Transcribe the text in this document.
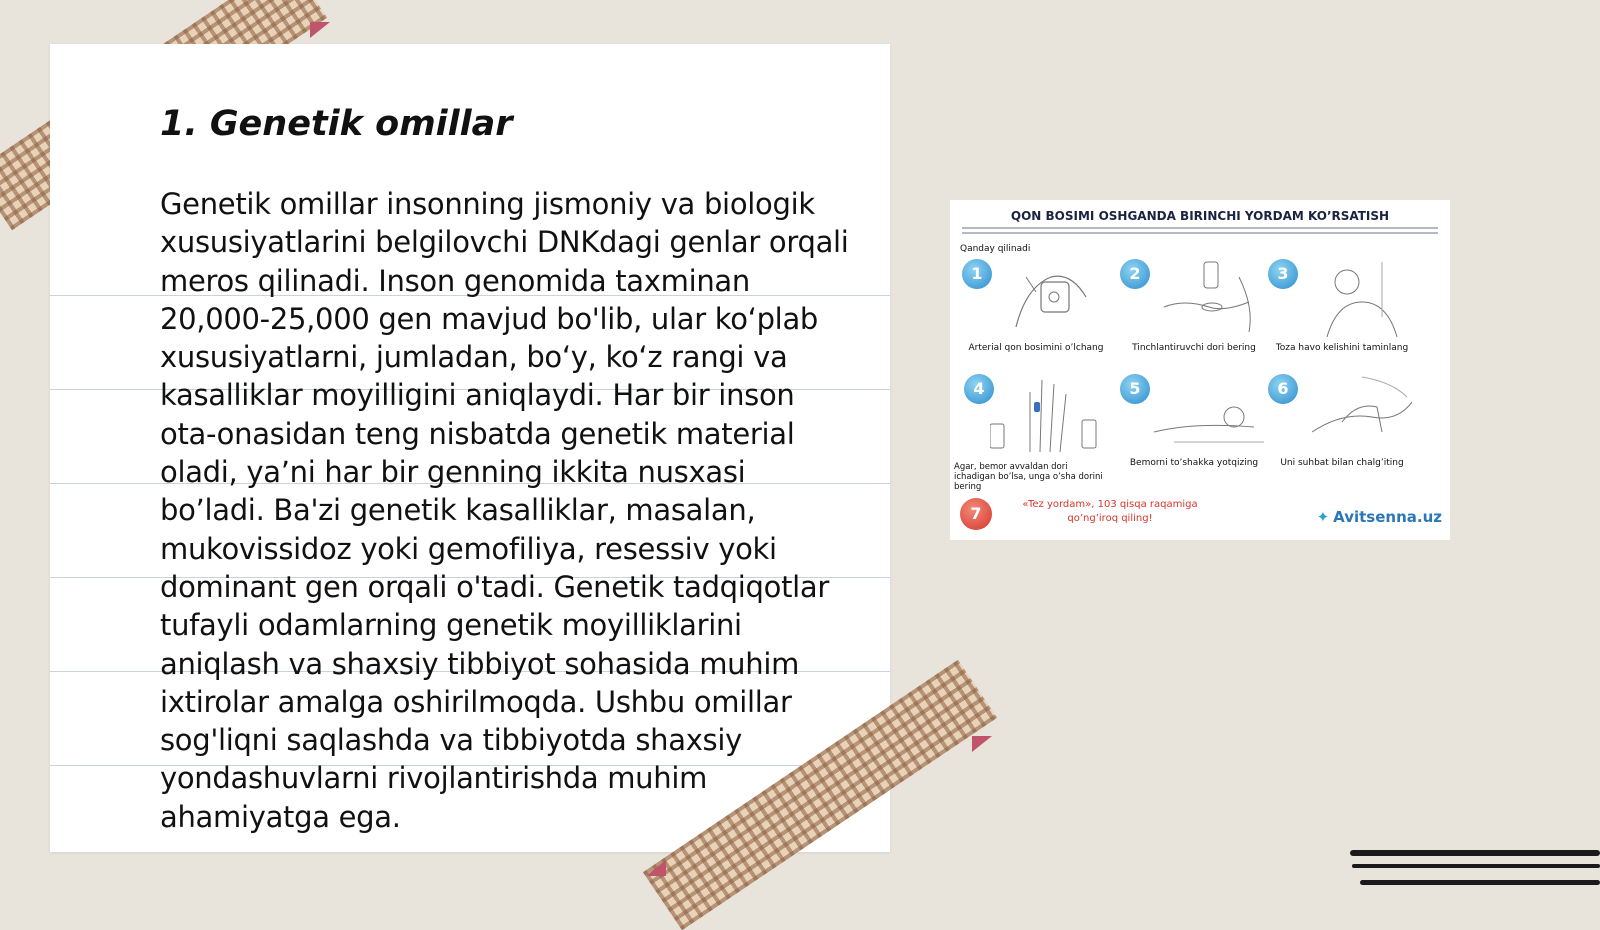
1. Genetik omillar

Genetik omillar insonning jismoniy va biologik xususiyatlarini belgilovchi DNKdagi genlar orqali meros qilinadi. Inson genomida taxminan 20,000-25,000 gen mavjud bo'lib, ular ko‘plab xususiyatlarni, jumladan, bo‘y, ko‘z rangi va kasalliklar moyilligini aniqlaydi. Har bir inson ota-onasidan teng nisbatda genetik material oladi, ya’ni har bir genning ikkita nusxasi bo’ladi. Ba'zi genetik kasalliklar, masalan, mukovissidoz yoki gemofiliya, resessiv yoki dominant gen orqali o'tadi. Genetik tadqiqotlar tufayli odamlarning genetik moyilliklarini aniqlash va shaxsiy tibbiyot sohasida muhim ixtirolar amalga oshirilmoqda. Ushbu omillar sog'liqni saqlashda va tibbiyotda shaxsiy yondashuvlarni rivojlantirishda muhim ahamiyatga ega.

QON BOSIMI OSHGANDA BIRINCHI YORDAM KO’RSATISH
Qanday qilinadi
1
Arterial qon bosimini o’lchang
2
Tinchlantiruvchi dori bering
3
Toza havo kelishini taminlang
4
Agar, bemor avvaldan dori ichadigan bo’lsa, unga o’sha dorini bering
5
Bemorni to’shakka yotqizing
6
Uni suhbat bilan chalg’iting
7	«Tez yordam», 103 qisqa raqamiga qo’ng’iroq qiling!	✦ Avitsenna.uz
